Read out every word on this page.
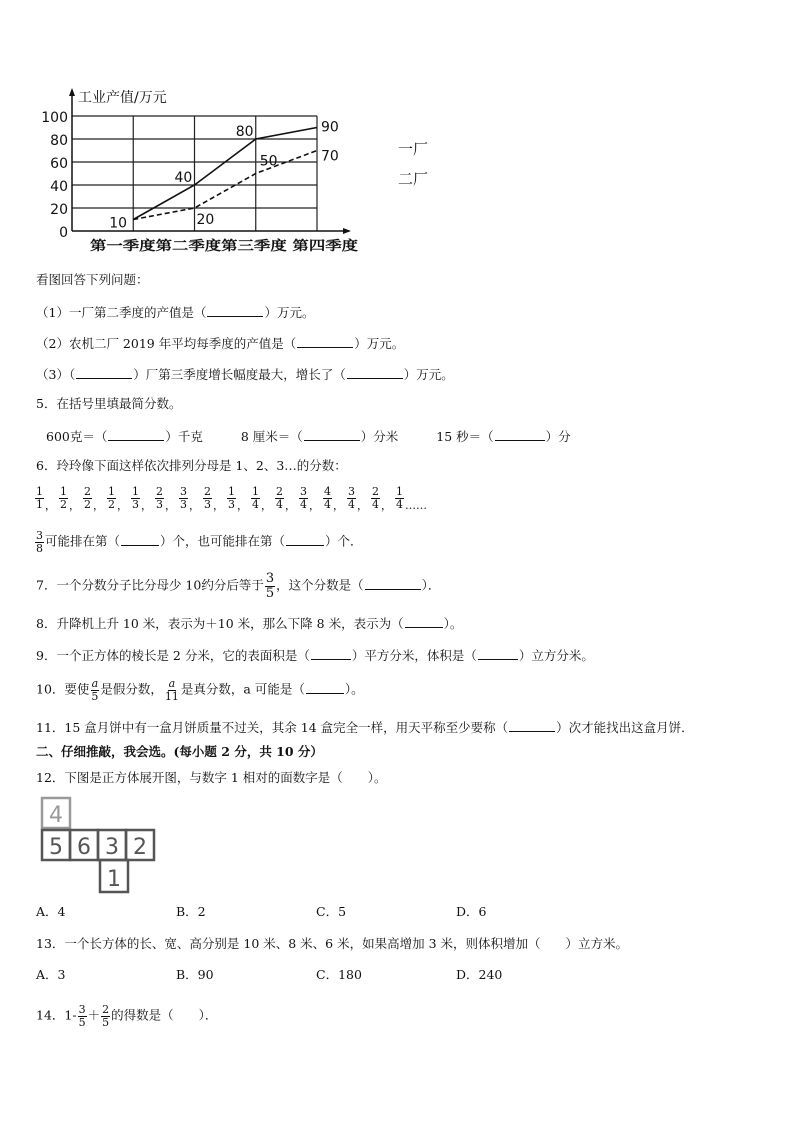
工业产值/万元
0
20
40
60
80
100
第一季度第二季度第三季度 第四季度
10
40
80	90
20
50	70	一厂
二厂
看图回答下列问题：
（1）一厂第二季度的产值是（	）万元。
（2）农机二厂 2019 年平均每季度的产值是（	）万元。
（3）（	）厂第三季度增长幅度最大，增长了（	）万元。
5．在括号里填最简分数。
600克＝（	）千克	8 厘米＝（	）分米	15 秒＝（	）分
6．玲玲像下面这样依次排列分母是 1、2、3…的分数：
$\frac{1}{1}$ ， $\frac{1}{2}$ ， $\frac{2}{2}$ ， $\frac{1}{2}$ ， $\frac{1}{3}$ ， $\frac{2}{3}$ ， $\frac{3}{3}$ ， $\frac{2}{3}$ ， $\frac{1}{3}$ ， $\frac{1}{4}$ ， $\frac{2}{4}$ ， $\frac{3}{4}$ ， $\frac{4}{4}$ ， $\frac{3}{4}$ ， $\frac{2}{4}$ ， $\frac{1}{4}$ ……
$\frac{3}{8}$ 可能排在第（	）个，也可能排在第（	）个．
7．一个分数分子比分母少 10约分后等于 $\frac{3}{5}$ ，这个分数是（	）．
8．升降机上升 10 米，表示为＋10 米，那么下降 8 米，表示为（	）。
9．一个正方体的棱长是 2 分米，它的表面积是（	）平方分米，体积是（	）立方分米。
10．要使 $\frac{a}{5}$ 是假分数， $\frac{a}{11}$ 是真分数，a 可能是（	）。
11．15 盒月饼中有一盒月饼质量不过关，其余 14 盒完全一样，用天平称至少要称（	）次才能找出这盒月饼．
二、仔细推敲，我会选。(每小题 2 分，共 10 分）
12．下图是正方体展开图，与数字 1 相对的面数字是（　　）。
4
5 6 3 2
1
A．4	B．2	C．5	D．6
13．一个长方体的长、宽、高分别是 10 米、8 米、6 米，如果高增加 3 米，则体积增加（　　）立方米。
A．3	B．90	C．180	D．240
14．$1- \frac{3}{5} + \frac{2}{5}$ 的得数是（　　）．
